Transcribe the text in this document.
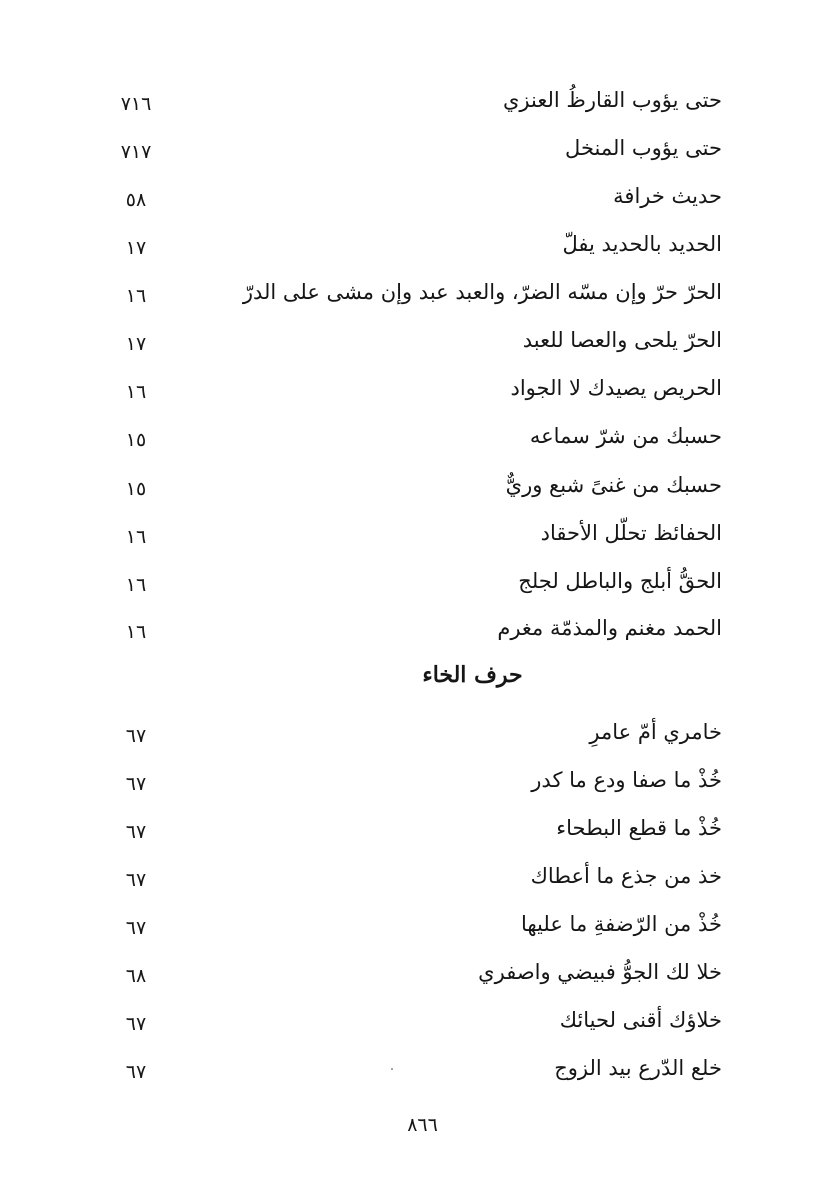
حتى يؤوب القارظُ العنزي
٧١٦
حتى يؤوب المنخل
٧١٧
حديث خرافة
٥٨
الحديد بالحديد يفلّ
١٧
الحرّ حرّ وإن مسّه الضرّ، والعبد عبد وإن مشى على الدرّ
١٦
الحرّ يلحى والعصا للعبد
١٧
الحريص يصيدك لا الجواد
١٦
حسبك من شرّ سماعه
١٥
حسبك من غنىً شبع وريٌّ
١٥
الحفائظ تحلّل الأحقاد
١٦
الحقُّ أبلج والباطل لجلج
١٦
الحمد مغنم والمذمّة مغرم
١٦
حرف الخاء
خامري أمّ عامرِ
٦٧
خُذْ ما صفا ودع ما كدر
٦٧
خُذْ ما قطع البطحاء
٦٧
خذ من جذع ما أعطاك
٦٧
خُذْ من الرّضفةِ ما عليها
٦٧
خلا لك الجوُّ فبيضي واصفري
٦٨
خلاؤك أقنى لحيائك
٦٧
خلع الدّرع بيد الزوج
٦٧
٨٦٦
